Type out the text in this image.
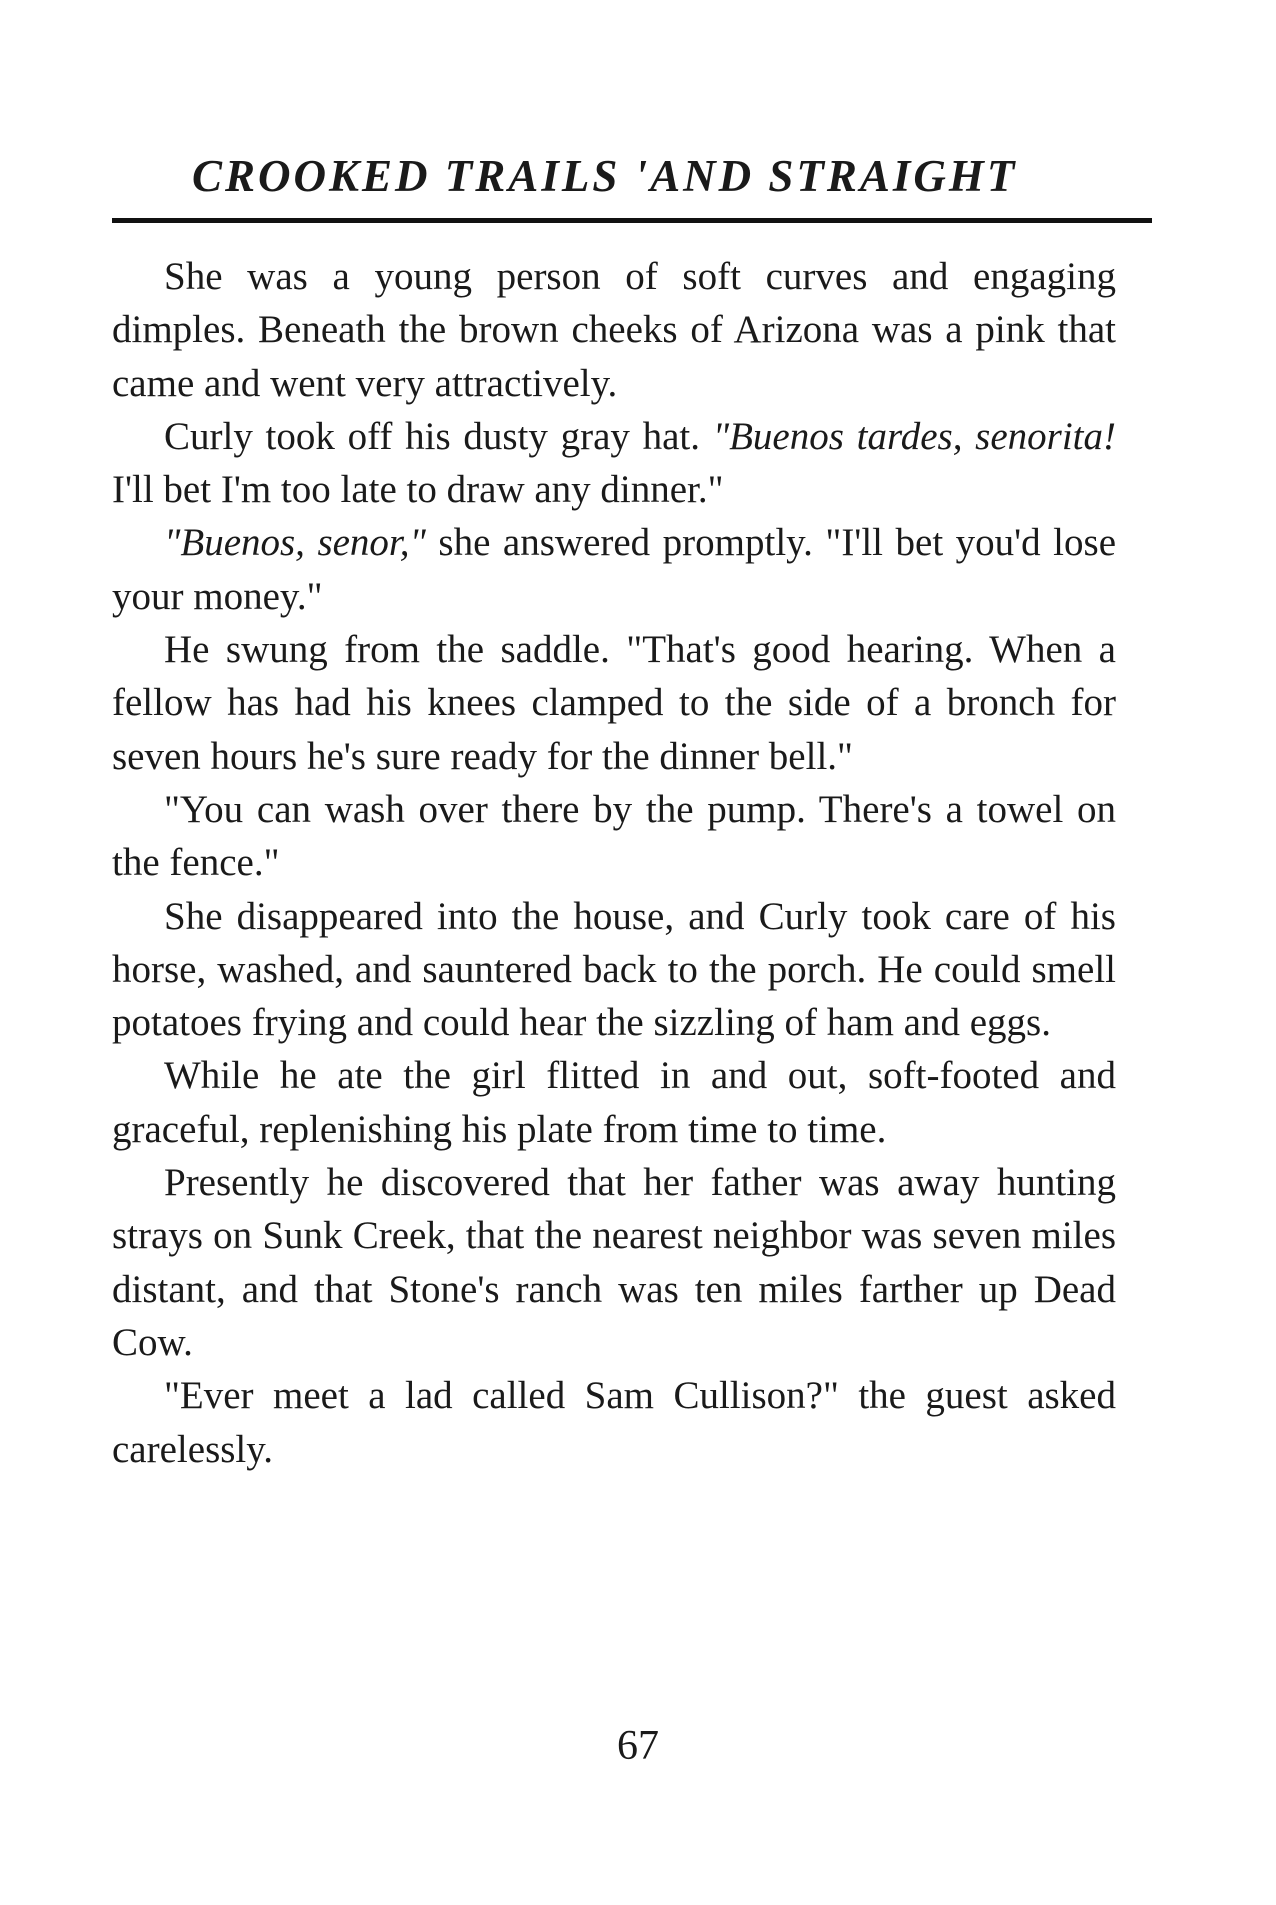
CROOKED TRAILS 'AND STRAIGHT

She was a young person of soft curves and engaging dimples. Beneath the brown cheeks of Arizona was a pink that came and went very attractively.

Curly took off his dusty gray hat. "Buenos tardes, senorita! I'll bet I'm too late to draw any dinner."

"Buenos, senor," she answered promptly. "I'll bet you'd lose your money."

He swung from the saddle. "That's good hearing. When a fellow has had his knees clamped to the side of a bronch for seven hours he's sure ready for the dinner bell."

"You can wash over there by the pump. There's a towel on the fence."

She disappeared into the house, and Curly took care of his horse, washed, and sauntered back to the porch. He could smell potatoes frying and could hear the sizzling of ham and eggs.

While he ate the girl flitted in and out, soft-footed and graceful, replenishing his plate from time to time.

Presently he discovered that her father was away hunting strays on Sunk Creek, that the nearest neighbor was seven miles distant, and that Stone's ranch was ten miles farther up Dead Cow.

"Ever meet a lad called Sam Cullison?" the guest asked carelessly.

67
